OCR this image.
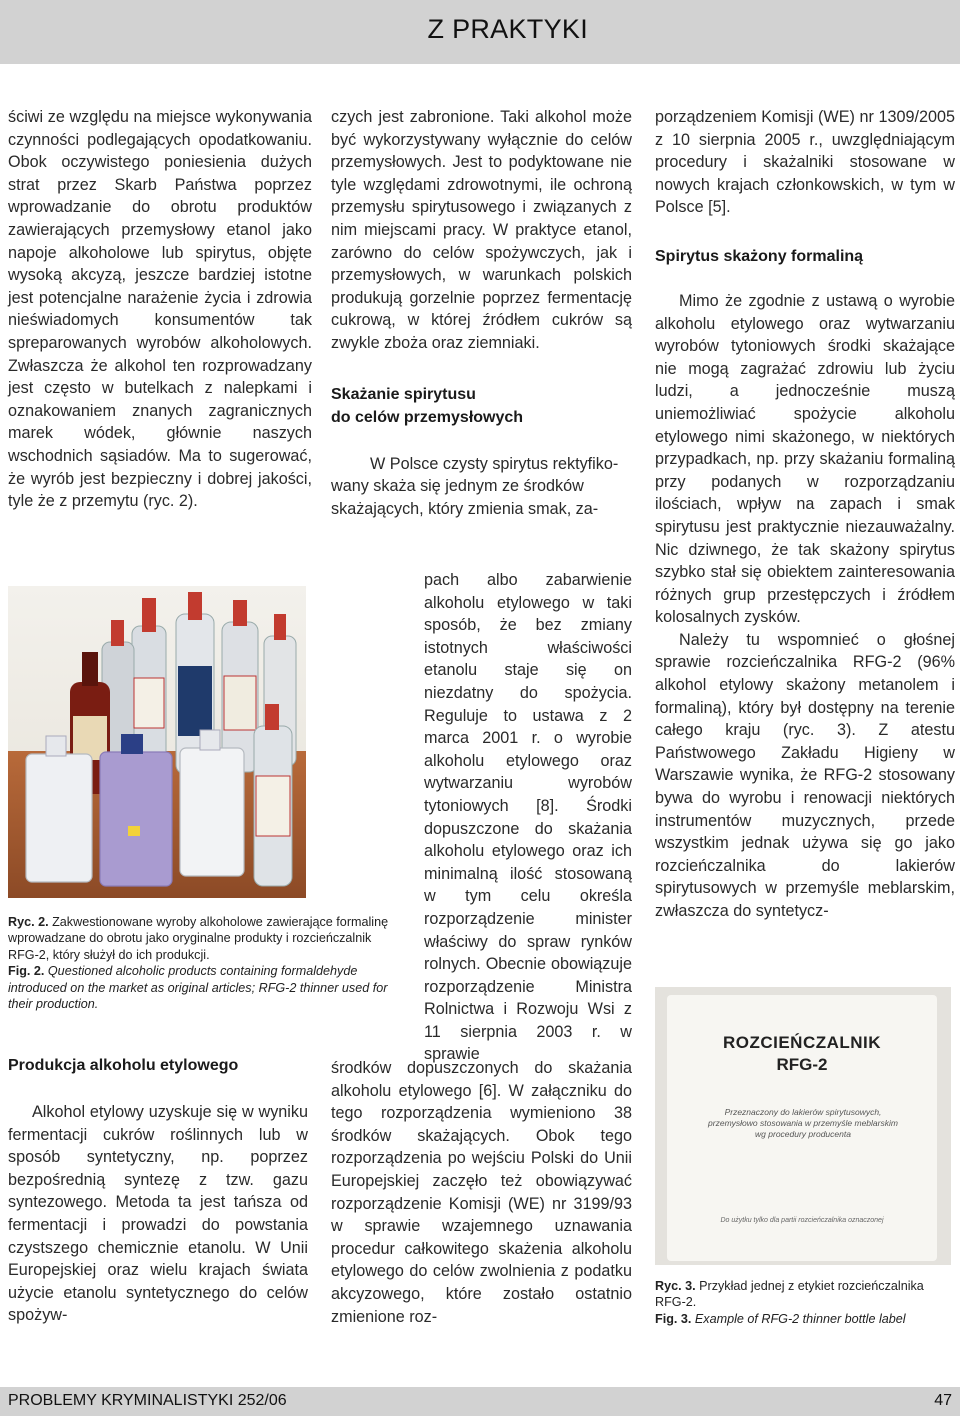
Z PRAKTYKI

ściwi ze względu na miejsce wykonywania czynności podlegających opodatkowaniu. Obok oczywistego poniesienia dużych strat przez Skarb Państwa poprzez wprowadzanie do obrotu produktów zawierających przemysłowy etanol jako napoje alkoholowe lub spirytus, objęte wysoką akcyzą, jeszcze bardziej istotne jest potencjalne narażenie życia i zdrowia nieświadomych konsumentów tak spreparowanych wyrobów alkoholowych. Zwłaszcza że alkohol ten rozprowadzany jest często w butelkach z nalepkami i oznakowaniem znanych zagranicznych marek wódek, głównie naszych wschodnich sąsiadów. Ma to sugerować, że wyrób jest bezpieczny i dobrej jakości, tyle że z przemytu (ryc. 2).

Ryc. 2. Zakwestionowane wyroby alkoholowe zawierające formalinę wprowadzane do obrotu jako oryginalne produkty i rozcieńczalnik RFG-2, który służył do ich produkcji.

Fig. 2. Questioned alcoholic products containing formaldehyde introduced on the market as original articles; RFG-2 thinner used for their production.

Produkcja alkoholu etylowego

Alkohol etylowy uzyskuje się w wyniku fermentacji cukrów roślinnych lub w sposób syntetyczny, np. poprzez bezpośrednią syntezę z tzw. gazu syntezowego. Metoda ta jest tańsza od fermentacji i prowadzi do powstania czystszego chemicznie etanolu. W Unii Europejskiej oraz wielu krajach świata użycie etanolu syntetycznego do celów spożyw-

czych jest zabronione. Taki alkohol może być wykorzystywany wyłącznie do celów przemysłowych. Jest to podyktowane nie tyle względami zdrowotnymi, ile ochroną przemysłu spirytusowego i związanych z nim miejscami pracy. W praktyce etanol, zarówno do celów spożywczych, jak i przemysłowych, w warunkach polskich produkują gorzelnie poprzez fermentację cukrową, w której źródłem cukrów są zwykle zboża oraz ziemniaki.

Skażanie spirytusu

do celów przemysłowych

W Polsce czysty spirytus rektyfiko-

wany skaża się jednym ze środków

skażających, który zmienia smak, za-

pach albo zabarwienie alkoholu etylowego w taki sposób, że bez zmiany istotnych właściwości etanolu staje się on niezdatny do spożycia. Reguluje to ustawa z 2 marca 2001 r. o wyrobie alkoholu etylowego oraz wytwarzaniu wyrobów tytoniowych [8]. Środki dopuszczone do skażania alkoholu etylowego oraz ich minimalną ilość stosowaną w tym celu określa rozporządzenie minister właściwy do spraw rynków rolnych. Obecnie obowiązuje rozporządzenie Ministra Rolnictwa i Rozwoju Wsi z 11 sierpnia 2003 r. w sprawie

środków dopuszczonych do skażania alkoholu etylowego [6]. W załączniku do tego rozporządzenia wymieniono 38 środków skażających. Obok tego rozporządzenia po wejściu Polski do Unii Europejskiej zaczęło też obowiązywać rozporządzenie Komisji (WE) nr 3199/93 w sprawie wzajemnego uznawania procedur całkowitego skażenia alkoholu etylowego do celów zwolnienia z podatku akcyzowego, które zostało ostatnio zmienione roz-

porządzeniem Komisji (WE) nr 1309/2005 z 10 sierpnia 2005 r., uwzględniającym procedury i skażalniki stosowane w nowych krajach członkowskich, w tym w Polsce [5].

Spirytus skażony formaliną

Mimo że zgodnie z ustawą o wyrobie alkoholu etylowego oraz wytwarzaniu wyrobów tytoniowych środki skażające nie mogą zagrażać zdrowiu lub życiu ludzi, a jednocześnie muszą uniemożliwiać spożycie alkoholu etylowego nimi skażonego, w niektórych przypadkach, np. przy skażaniu formaliną przy podanych w rozporządzaniu ilościach, wpływ na zapach i smak spirytusu jest praktycznie niezauważalny. Nic dziwnego, że tak skażony spirytus szybko stał się obiektem zainteresowania różnych grup przestępczych i źródłem kolosalnych zysków.

Należy tu wspomnieć o głośnej sprawie rozcieńczalnika RFG-2 (96% alkohol etylowy skażony metanolem i formaliną), który był dostępny na terenie całego kraju (ryc. 3). Z atestu Państwowego Zakładu Higieny w Warszawie wynika, że RFG-2 stosowany bywa do wyrobu i renowacji niektórych instrumentów muzycznych, przede wszystkim jednak używa się go jako rozcieńczalnika do lakierów spirytusowych w przemyśle meblarskim, zwłaszcza do syntetycz-

ROZCIEŃCZALNIK
RFG-2
Przeznaczony do lakierów spirytusowych, przemysłowo stosowania w przemyśle meblarskim wg procedury producenta
Do użytku tylko dla partii rozcieńczalnika oznaczonej

Ryc. 3. Przykład jednej z etykiet rozcieńczalnika RFG-2.

Fig. 3. Example of RFG-2 thinner bottle label

PROBLEMY KRYMINALISTYKI 252/06	47
